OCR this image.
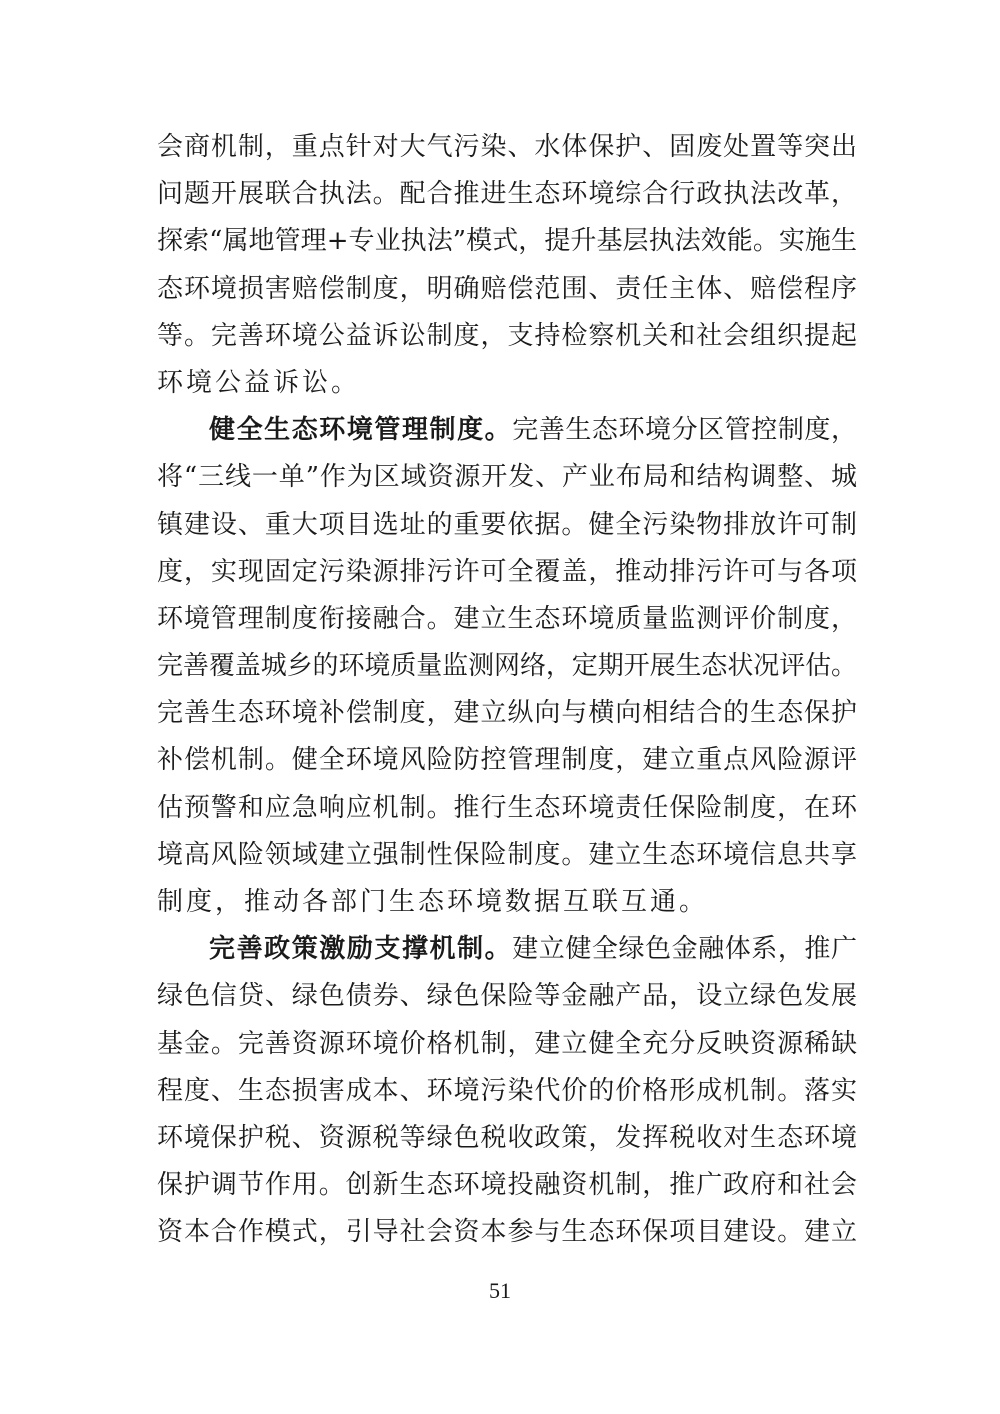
会商机制，重点针对大气污染、水体保护、固废处置等突出
问题开展联合执法。配合推进生态环境综合行政执法改革，
探索“属地管理+专业执法”模式，提升基层执法效能。实施生
态环境损害赔偿制度，明确赔偿范围、责任主体、赔偿程序
等。完善环境公益诉讼制度，支持检察机关和社会组织提起
环境公益诉讼。
健全生态环境管理制度。完善生态环境分区管控制度，
将“三线一单”作为区域资源开发、产业布局和结构调整、城
镇建设、重大项目选址的重要依据。健全污染物排放许可制
度，实现固定污染源排污许可全覆盖，推动排污许可与各项
环境管理制度衔接融合。建立生态环境质量监测评价制度，
完善覆盖城乡的环境质量监测网络，定期开展生态状况评估。
完善生态环境补偿制度，建立纵向与横向相结合的生态保护
补偿机制。健全环境风险防控管理制度，建立重点风险源评
估预警和应急响应机制。推行生态环境责任保险制度，在环
境高风险领域建立强制性保险制度。建立生态环境信息共享
制度，推动各部门生态环境数据互联互通。
完善政策激励支撑机制。建立健全绿色金融体系，推广
绿色信贷、绿色债券、绿色保险等金融产品，设立绿色发展
基金。完善资源环境价格机制，建立健全充分反映资源稀缺
程度、生态损害成本、环境污染代价的价格形成机制。落实
环境保护税、资源税等绿色税收政策，发挥税收对生态环境
保护调节作用。创新生态环境投融资机制，推广政府和社会
资本合作模式，引导社会资本参与生态环保项目建设。建立
51
